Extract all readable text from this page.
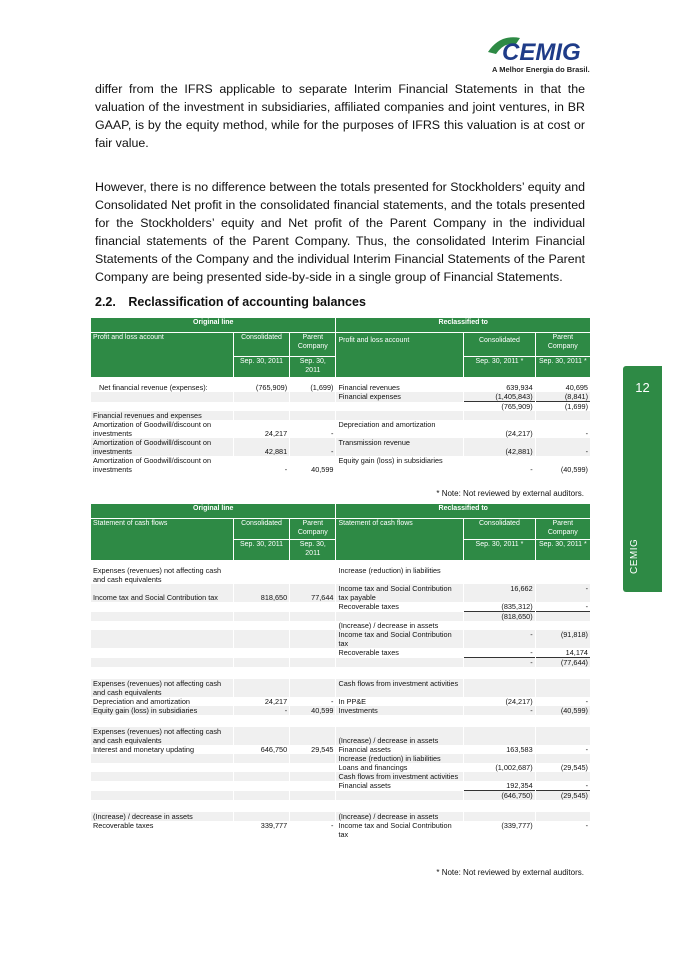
CEMIG
A Melhor Energia do Brasil.

differ from the IFRS applicable to separate Interim Financial Statements in that the valuation of the investment in subsidiaries, affiliated companies and joint ventures, in BR GAAP, is by the equity method, while for the purposes of IFRS this valuation is at cost or fair value.

However, there is no difference between the totals presented for Stockholders’ equity and Consolidated Net profit in the consolidated financial statements, and the totals presented for the Stockholders’ equity and Net profit of the Parent Company in the individual financial statements of the Parent Company. Thus, the consolidated Interim Financial Statements of the Company and the individual Interim Financial Statements of the Parent Company are being presented side-by-side in a single group of Financial Statements.

2.2. Reclassification of accounting balances
12
CEMIG
Original line			Reclassified to		
Profit and loss account	Consolidated	Parent Company	Profit and loss account	Consolidated	Parent Company
	Sep. 30, 2011	Sep. 30, 2011		Sep. 30, 2011 *	Sep. 30, 2011 *

Net financial revenue (expenses):	(765,909)	(1,699)	Financial revenues	639,934	40,695
			Financial expenses	(1,405,843)	(8,841)
				(765,909)	(1,699)
Financial revenues and expenses					
Amortization of Goodwill/discount on investments	24,217	-	Depreciation and amortization	(24,217)	-
Amortization of Goodwill/discount on investments	42,881	-	Transmission revenue	(42,881)	-
Amortization of Goodwill/discount on investments	-	40,599	Equity gain (loss) in subsidiaries	-	(40,599)

* Note: Not reviewed by external auditors.

Original line			Reclassified to		
Statement of cash flows	Consolidated	Parent Company	Statement of cash flows	Consolidated	Parent Company
	Sep. 30, 2011	Sep. 30, 2011		Sep. 30, 2011 *	Sep. 30, 2011 *

Expenses (revenues) not affecting cash and cash equivalents			Increase (reduction) in liabilities		
Income tax and Social Contribution tax	818,650	77,644	Income tax and Social Contribution tax payable	16,662	-
			Recoverable taxes	(835,312)	-
				(818,650)	
			(Increase) / decrease in assets		
			Income tax and Social Contribution tax	-	(91,818)
			Recoverable taxes	-	14,174
				-	(77,644)

Expenses (revenues) not affecting cash and cash equivalents			Cash flows from investment activities		
Depreciation and amortization	24,217	-	In PP&E	(24,217)	-
Equity gain (loss) in subsidiaries	-	40,599	Investments	-	(40,599)

Expenses (revenues) not affecting cash and cash equivalents			(Increase) / decrease in assets		
Interest and monetary updating	646,750	29,545	Financial assets	163,583	-
			Increase (reduction) in liabilities		
			Loans and financings	(1,002,687)	(29,545)
			Cash flows from investment activities		
			Financial assets	192,354	-
				(646,750)	(29,545)

(Increase) / decrease in assets			(Increase) / decrease in assets		
Recoverable taxes	339,777	-	Income tax and Social Contribution tax	(339,777)	-

* Note: Not reviewed by external auditors.
